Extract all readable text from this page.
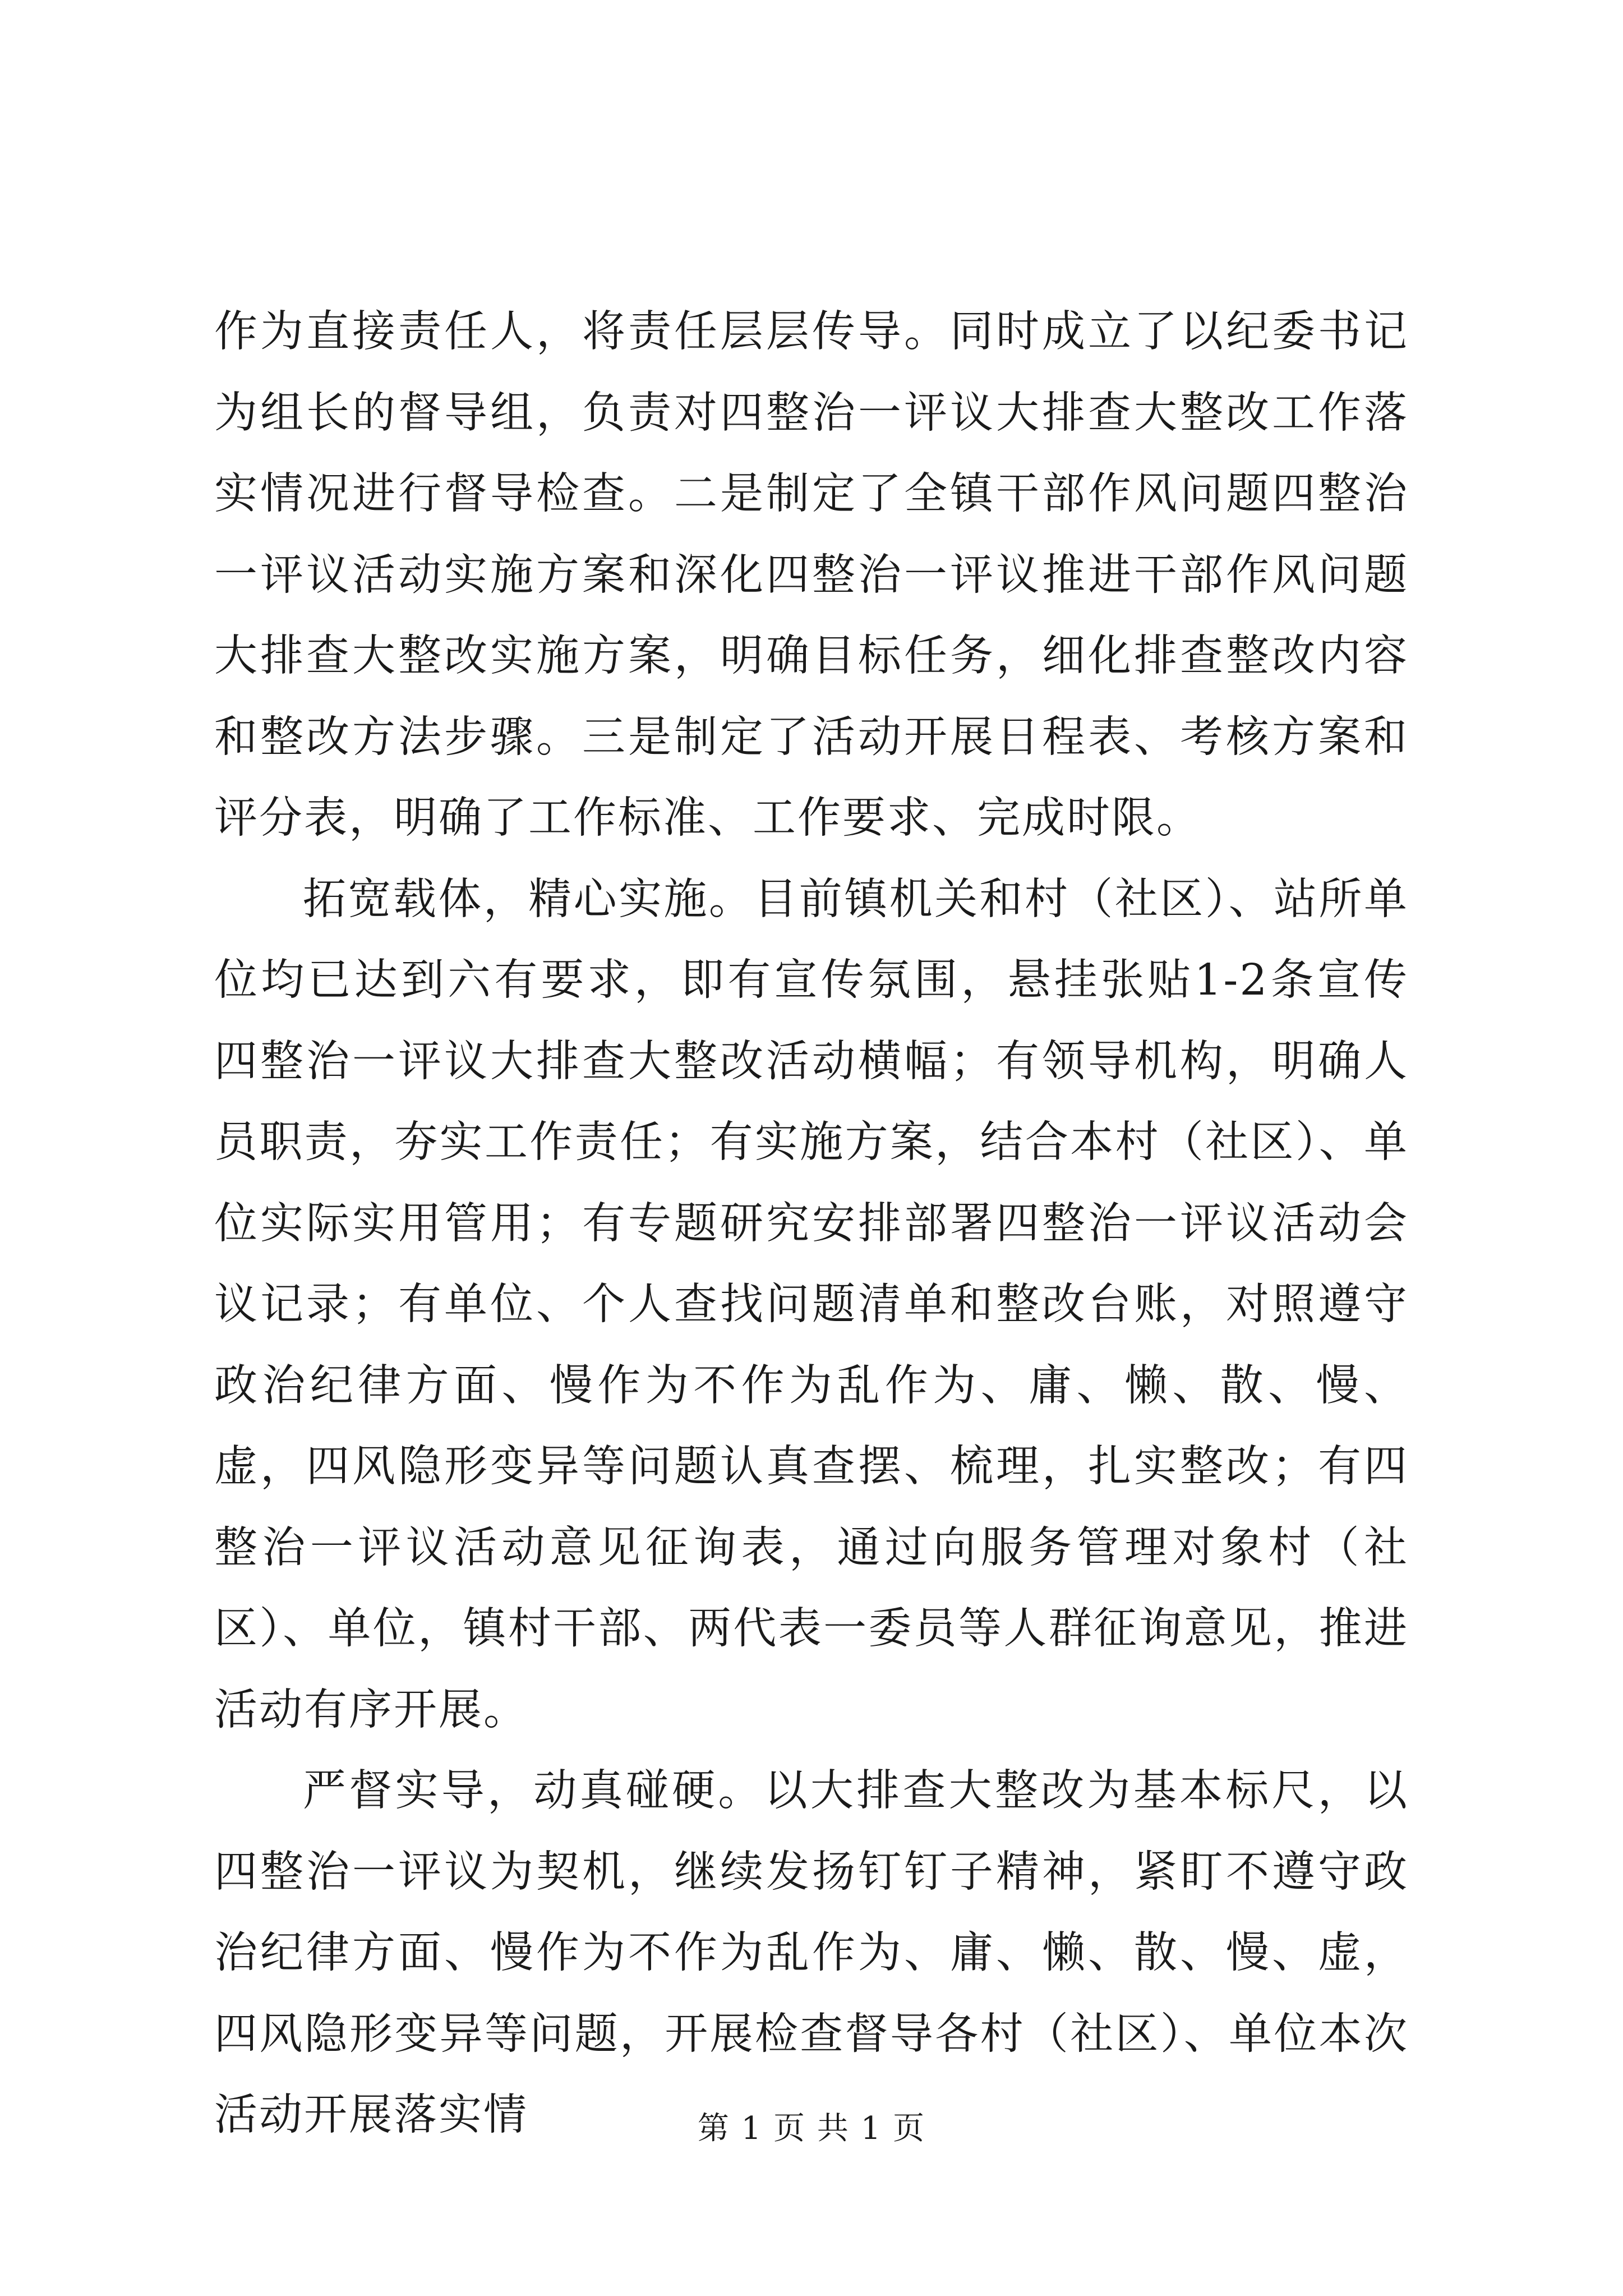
作为直接责任人，将责任层层传导。同时成立了以纪委书记为组长的督导组，负责对四整治一评议大排查大整改工作落实情况进行督导检查。二是制定了全镇干部作风问题四整治一评议活动实施方案和深化四整治一评议推进干部作风问题大排查大整改实施方案，明确目标任务，细化排查整改内容和整改方法步骤。三是制定了活动开展日程表、考核方案和评分表，明确了工作标准、工作要求、完成时限。

拓宽载体，精心实施。目前镇机关和村（社区）、站所单位均已达到六有要求，即有宣传氛围，悬挂张贴1-2条宣传四整治一评议大排查大整改活动横幅；有领导机构，明确人员职责，夯实工作责任；有实施方案，结合本村（社区）、单位实际实用管用；有专题研究安排部署四整治一评议活动会议记录；有单位、个人查找问题清单和整改台账，对照遵守政治纪律方面、慢作为不作为乱作为、庸、懒、散、慢、虚，四风隐形变异等问题认真查摆、梳理，扎实整改；有四整治一评议活动意见征询表，通过向服务管理对象村（社区）、单位，镇村干部、两代表一委员等人群征询意见，推进活动有序开展。

严督实导，动真碰硬。以大排查大整改为基本标尺，以四整治一评议为契机，继续发扬钉钉子精神，紧盯不遵守政治纪律方面、慢作为不作为乱作为、庸、懒、散、慢、虚，四风隐形变异等问题，开展检查督导各村（社区）、单位本次活动开展落实情	第 1 页 共 1 页
